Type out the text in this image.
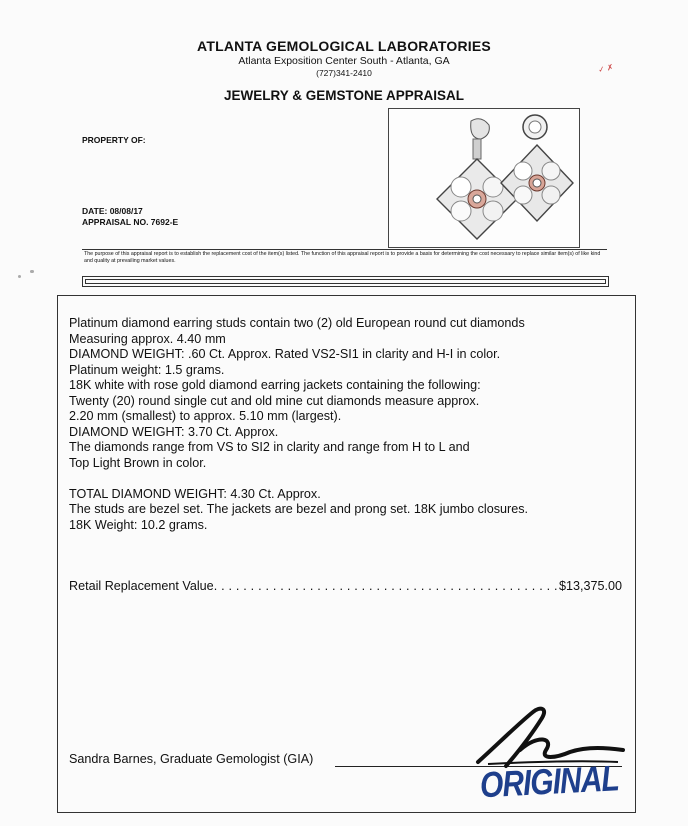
ATLANTA GEMOLOGICAL LABORATORIES
Atlanta Exposition Center South - Atlanta, GA
(727)341-2410
JEWELRY & GEMSTONE APPRAISAL
✓ ✗
PROPERTY OF:
DATE: 08/08/17
APPRAISAL NO. 7692-E
The purpose of this appraisal report is to establish the replacement cost of the item(s) listed. The function of this appraisal report is to provide a basis for determining the cost necessary to replace similar item(s) of like kind and quality at prevailing market values.
Platinum diamond earring studs contain two (2) old European round cut diamonds
Measuring approx. 4.40 mm
DIAMOND WEIGHT: .60 Ct. Approx. Rated VS2-SI1 in clarity and H-I in color.
Platinum weight: 1.5 grams.
18K white with rose gold diamond earring jackets containing the following:
Twenty (20) round single cut and old mine cut diamonds measure approx.
2.20 mm (smallest) to approx. 5.10 mm (largest).
DIAMOND WEIGHT: 3.70 Ct. Approx.
The diamonds range from VS to SI2 in clarity and range from H to L and
Top Light Brown in color.
TOTAL DIAMOND WEIGHT: 4.30 Ct. Approx.
The studs are bezel set. The jackets are bezel and prong set. 18K jumbo closures.
18K Weight: 10.2 grams.
Retail Replacement Value
. . .	$13,375.00
Sandra Barnes, Graduate Gemologist (GIA)	ORIGINAL
